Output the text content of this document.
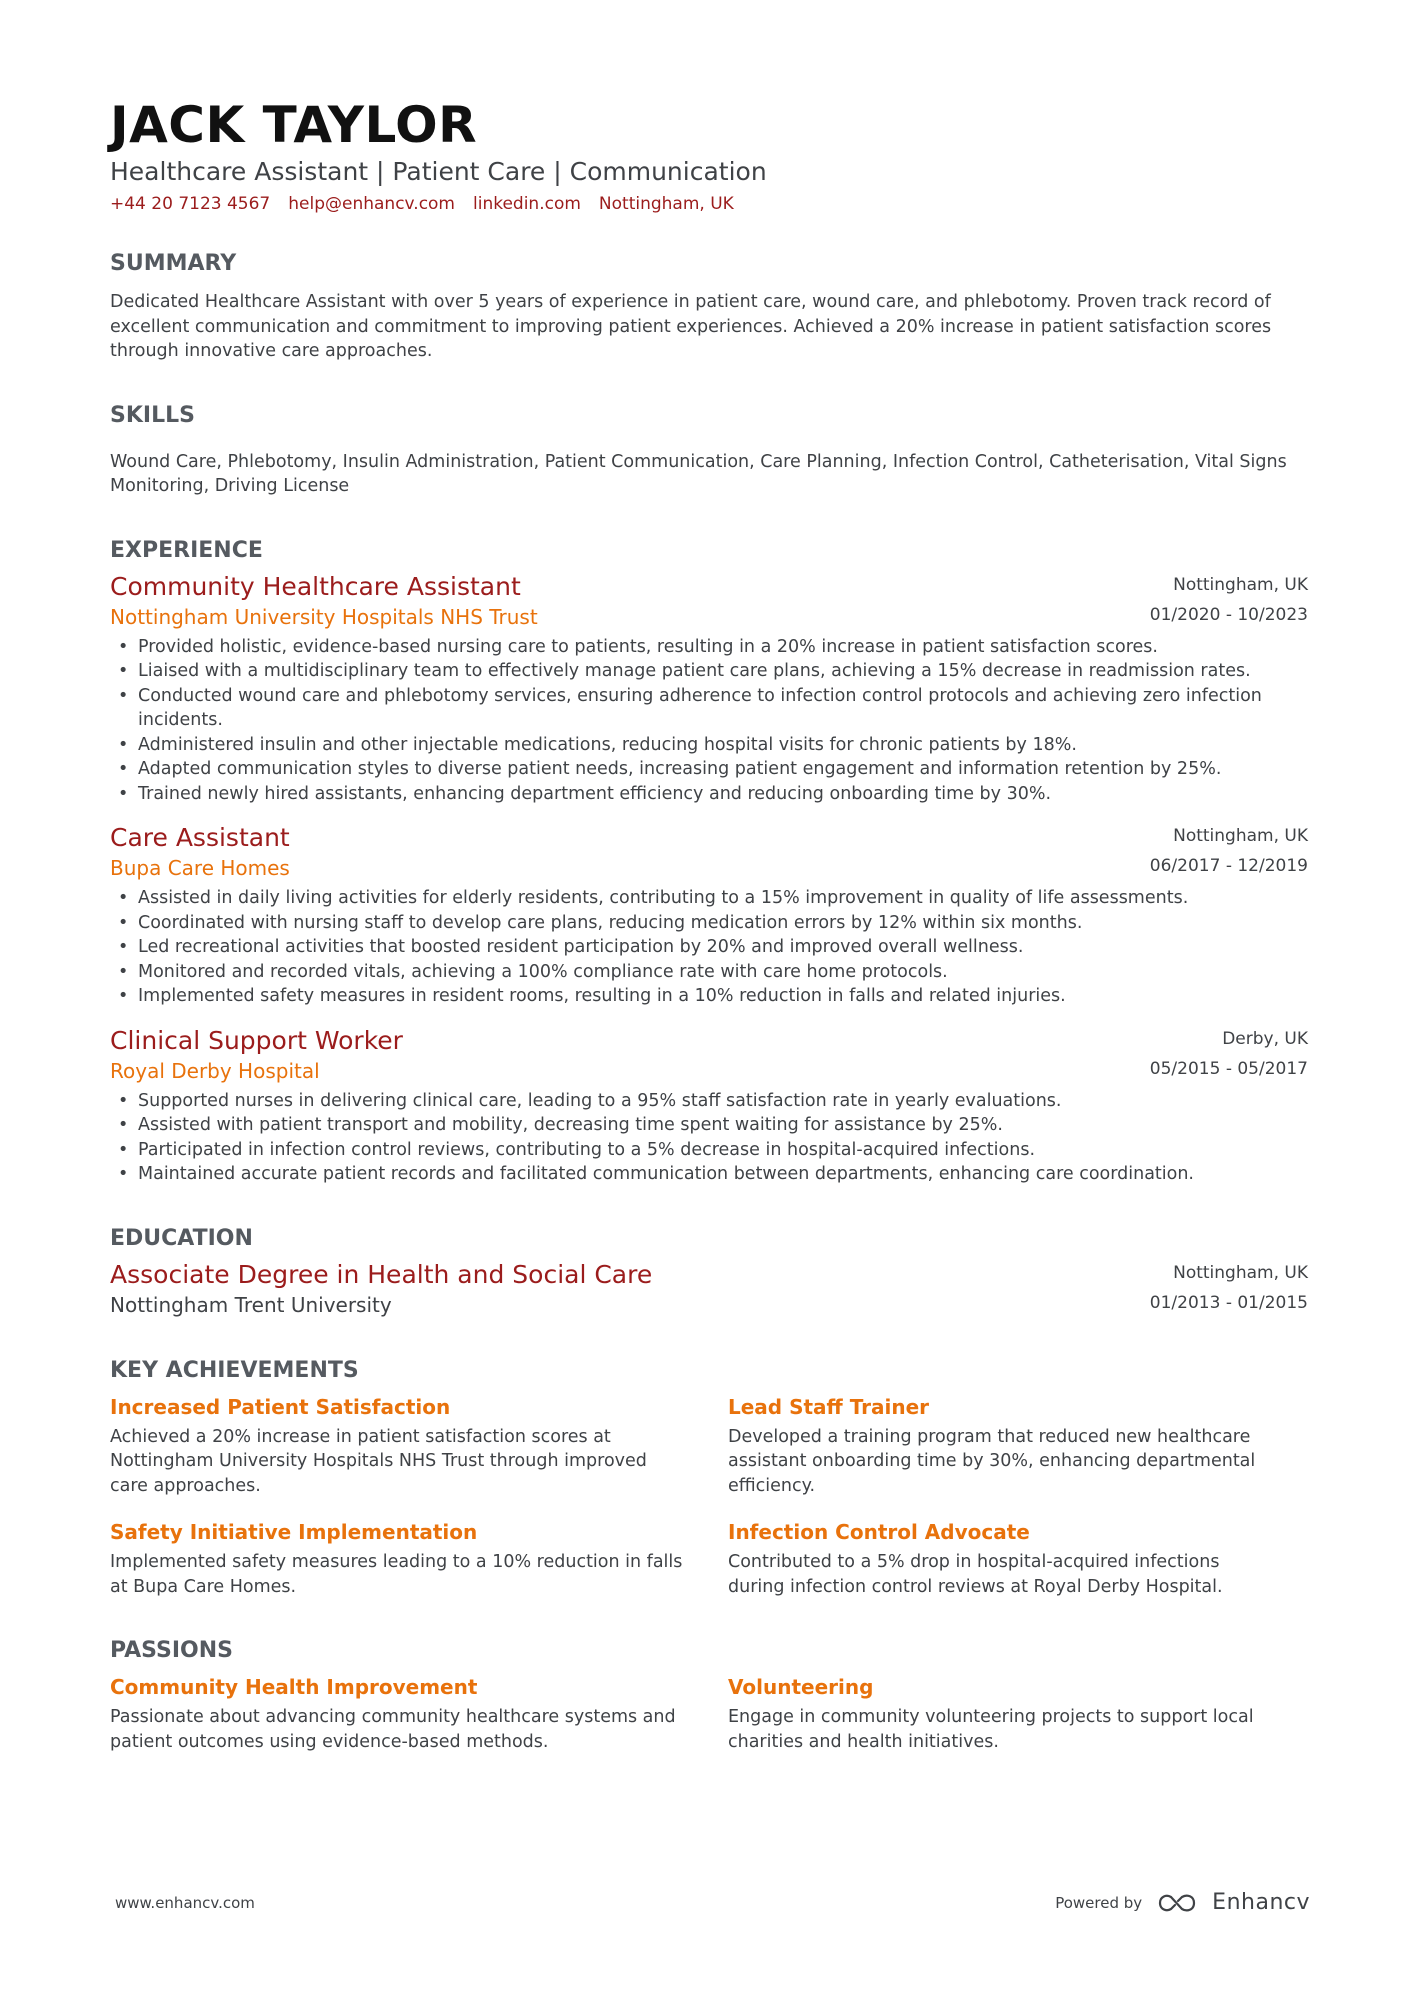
JACK TAYLOR
Healthcare Assistant | Patient Care | Communication
+44 20 7123 4567 help@enhancv.com linkedin.com Nottingham, UK
SUMMARY
Dedicated Healthcare Assistant with over 5 years of experience in patient care, wound care, and phlebotomy. Proven track record of excellent communication and commitment to improving patient experiences. Achieved a 20% increase in patient satisfaction scores through innovative care approaches.
SKILLS
Wound Care, Phlebotomy, Insulin Administration, Patient Communication, Care Planning, Infection Control, Catheterisation, Vital Signs Monitoring, Driving License
EXPERIENCE
Community Healthcare Assistant
Nottingham University Hospitals NHS Trust
Nottingham, UK
01/2020 - 10/2023
• Provided holistic, evidence-based nursing care to patients, resulting in a 20% increase in patient satisfaction scores.
• Liaised with a multidisciplinary team to effectively manage patient care plans, achieving a 15% decrease in readmission rates.
• Conducted wound care and phlebotomy services, ensuring adherence to infection control protocols and achieving zero infection incidents.
• Administered insulin and other injectable medications, reducing hospital visits for chronic patients by 18%.
• Adapted communication styles to diverse patient needs, increasing patient engagement and information retention by 25%.
• Trained newly hired assistants, enhancing department efficiency and reducing onboarding time by 30%.
Care Assistant
Bupa Care Homes
Nottingham, UK
06/2017 - 12/2019
• Assisted in daily living activities for elderly residents, contributing to a 15% improvement in quality of life assessments.
• Coordinated with nursing staff to develop care plans, reducing medication errors by 12% within six months.
• Led recreational activities that boosted resident participation by 20% and improved overall wellness.
• Monitored and recorded vitals, achieving a 100% compliance rate with care home protocols.
• Implemented safety measures in resident rooms, resulting in a 10% reduction in falls and related injuries.
Clinical Support Worker
Royal Derby Hospital
Derby, UK
05/2015 - 05/2017
• Supported nurses in delivering clinical care, leading to a 95% staff satisfaction rate in yearly evaluations.
• Assisted with patient transport and mobility, decreasing time spent waiting for assistance by 25%.
• Participated in infection control reviews, contributing to a 5% decrease in hospital-acquired infections.
• Maintained accurate patient records and facilitated communication between departments, enhancing care coordination.
EDUCATION
Associate Degree in Health and Social Care
Nottingham Trent University
Nottingham, UK
01/2013 - 01/2015
KEY ACHIEVEMENTS
Increased Patient Satisfaction
Achieved a 20% increase in patient satisfaction scores at Nottingham University Hospitals NHS Trust through improved care approaches.
Lead Staff Trainer
Developed a training program that reduced new healthcare assistant onboarding time by 30%, enhancing departmental efficiency.
Safety Initiative Implementation
Implemented safety measures leading to a 10% reduction in falls at Bupa Care Homes.
Infection Control Advocate
Contributed to a 5% drop in hospital-acquired infections during infection control reviews at Royal Derby Hospital.
PASSIONS
Community Health Improvement
Passionate about advancing community healthcare systems and patient outcomes using evidence-based methods.
Volunteering
Engage in community volunteering projects to support local charities and health initiatives.
www.enhancv.com	Powered by	Enhancv
